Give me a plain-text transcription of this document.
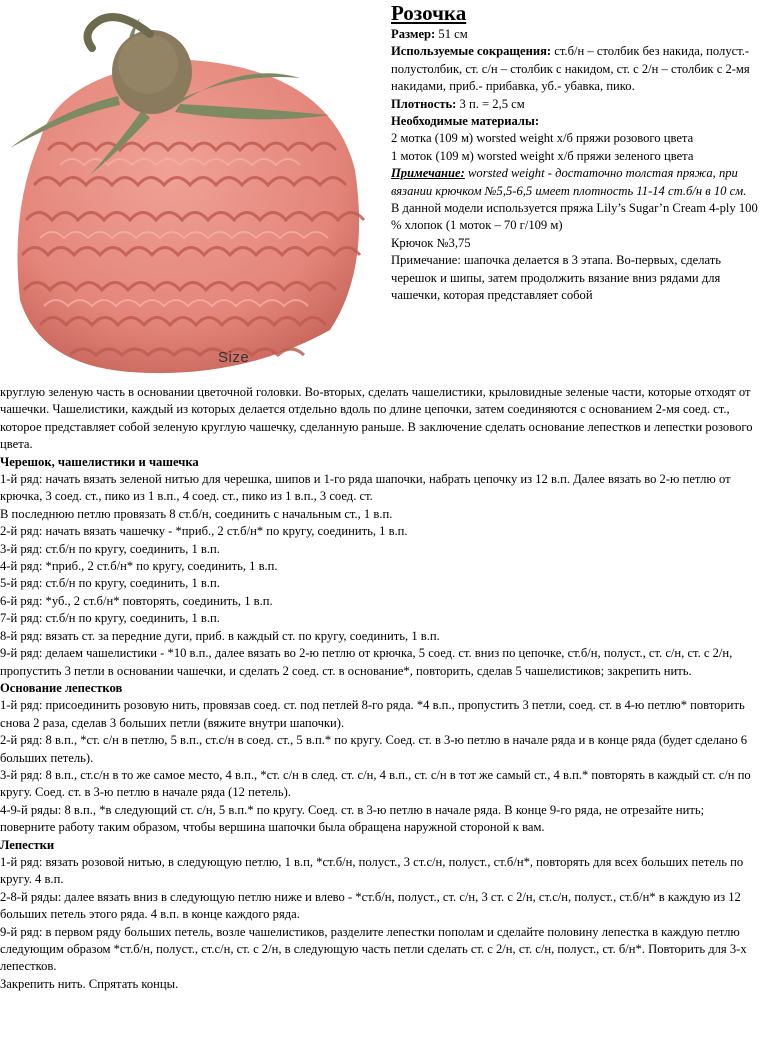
Size
Розочка

Размер: 51 см

Используемые сокращения: ст.б/н – столбик без накида, полуст.- полустолбик, ст. с/н – столбик с накидом, ст. с 2/н – столбик с 2-мя накидами, приб.- прибавка, уб.- убавка, пико.

Плотность: 3 п. = 2,5 см

Необходимые материалы:

2 мотка (109 м) worsted weight х/б пряжи розового цвета

1 моток (109 м) worsted weight х/б пряжи зеленого цвета

Примечание: worsted weight - достаточно толстая пряжа, при вязании крючком №5,5-6,5 имеет плотность 11-14 ст.б/н в 10 см.

В данной модели используется пряжа Lily’s Sugar’n Cream 4-ply 100 % хлопок (1 моток – 70 г/109 м)

Крючок №3,75

Примечание: шапочка делается в 3 этапа. Во-первых, сделать черешок и шипы, затем продолжить вязание вниз рядами для чашечки, которая представляет собой

круглую зеленую часть в основании цветочной головки. Во-вторых, сделать чашелистики, крыловидные зеленые части, которые отходят от чашечки. Чашелистики, каждый из которых делается отдельно вдоль по длине цепочки, затем соединяются с основанием 2-мя соед. ст., которое представляет собой зеленую круглую чашечку, сделанную раньше. В заключение сделать основание лепестков и лепестки розового цвета.

Черешок, чашелистики и чашечка

1-й ряд: начать вязать зеленой нитью для черешка, шипов и 1-го ряда шапочки, набрать цепочку из 12 в.п. Далее вязать во 2-ю петлю от крючка, 3 соед. ст., пико из 1 в.п., 4 соед. ст., пико из 1 в.п., 3 соед. ст.

В последнюю петлю провязать 8 ст.б/н, соединить с начальным ст., 1 в.п.

2-й ряд: начать вязать чашечку - *приб., 2 ст.б/н* по кругу, соединить, 1 в.п.

3-й ряд: ст.б/н по кругу, соединить, 1 в.п.

4-й ряд: *приб., 2 ст.б/н* по кругу, соединить, 1 в.п.

5-й ряд: ст.б/н по кругу, соединить, 1 в.п.

6-й ряд: *уб., 2 ст.б/н* повторять, соединить, 1 в.п.

7-й ряд: ст.б/н по кругу, соединить, 1 в.п.

8-й ряд: вязать ст. за передние дуги, приб. в каждый ст. по кругу, соединить, 1 в.п.

9-й ряд: делаем чашелистики - *10 в.п., далее вязать во 2-ю петлю от крючка, 5 соед. ст. вниз по цепочке, ст.б/н, полуст., ст. с/н, ст. с 2/н, пропустить 3 петли в основании чашечки, и сделать 2 соед. ст. в основание*, повторить, сделав 5 чашелистиков; закрепить нить.

Основание лепестков

1-й ряд: присоединить розовую нить, провязав соед. ст. под петлей 8-го ряда. *4 в.п., пропустить 3 петли, соед. ст. в 4-ю петлю* повторить снова 2 раза, сделав 3 больших петли (вяжите внутри шапочки).

2-й ряд: 8 в.п., *ст. с/н в петлю, 5 в.п., ст.с/н в соед. ст., 5 в.п.* по кругу. Соед. ст. в 3-ю петлю в начале ряда и в конце ряда (будет сделано 6 больших петель).

3-й ряд: 8 в.п., ст.с/н в то же самое место, 4 в.п., *ст. с/н в след. ст. с/н, 4 в.п., ст. с/н в тот же самый ст., 4 в.п.* повторять в каждый ст. с/н по кругу. Соед. ст. в 3-ю петлю в начале ряда (12 петель).

4-9-й ряды: 8 в.п., *в следующий ст. с/н, 5 в.п.* по кругу. Соед. ст. в 3-ю петлю в начале ряда. В конце 9-го ряда, не отрезайте нить; поверните работу таким образом, чтобы вершина шапочки была обращена наружной стороной к вам.

Лепестки

1-й ряд: вязать розовой нитью, в следующую петлю, 1 в.п, *ст.б/н, полуст., 3 ст.с/н, полуст., ст.б/н*, повторять для всех больших петель по кругу. 4 в.п.

2-8-й ряды: далее вязать вниз в следующую петлю ниже и влево - *ст.б/н, полуст., ст. с/н, 3 ст. с 2/н, ст.с/н, полуст., ст.б/н* в каждую из 12 больших петель этого ряда. 4 в.п. в конце каждого ряда.

9-й ряд: в первом ряду больших петель, возле чашелистиков, разделите лепестки пополам и сделайте половину лепестка в каждую петлю следующим образом *ст.б/н, полуст., ст.с/н, ст. с 2/н, в следующую часть петли сделать ст. с 2/н, ст. с/н, полуст., ст. б/н*. Повторить для 3-х лепестков.

Закрепить нить. Спрятать концы.
